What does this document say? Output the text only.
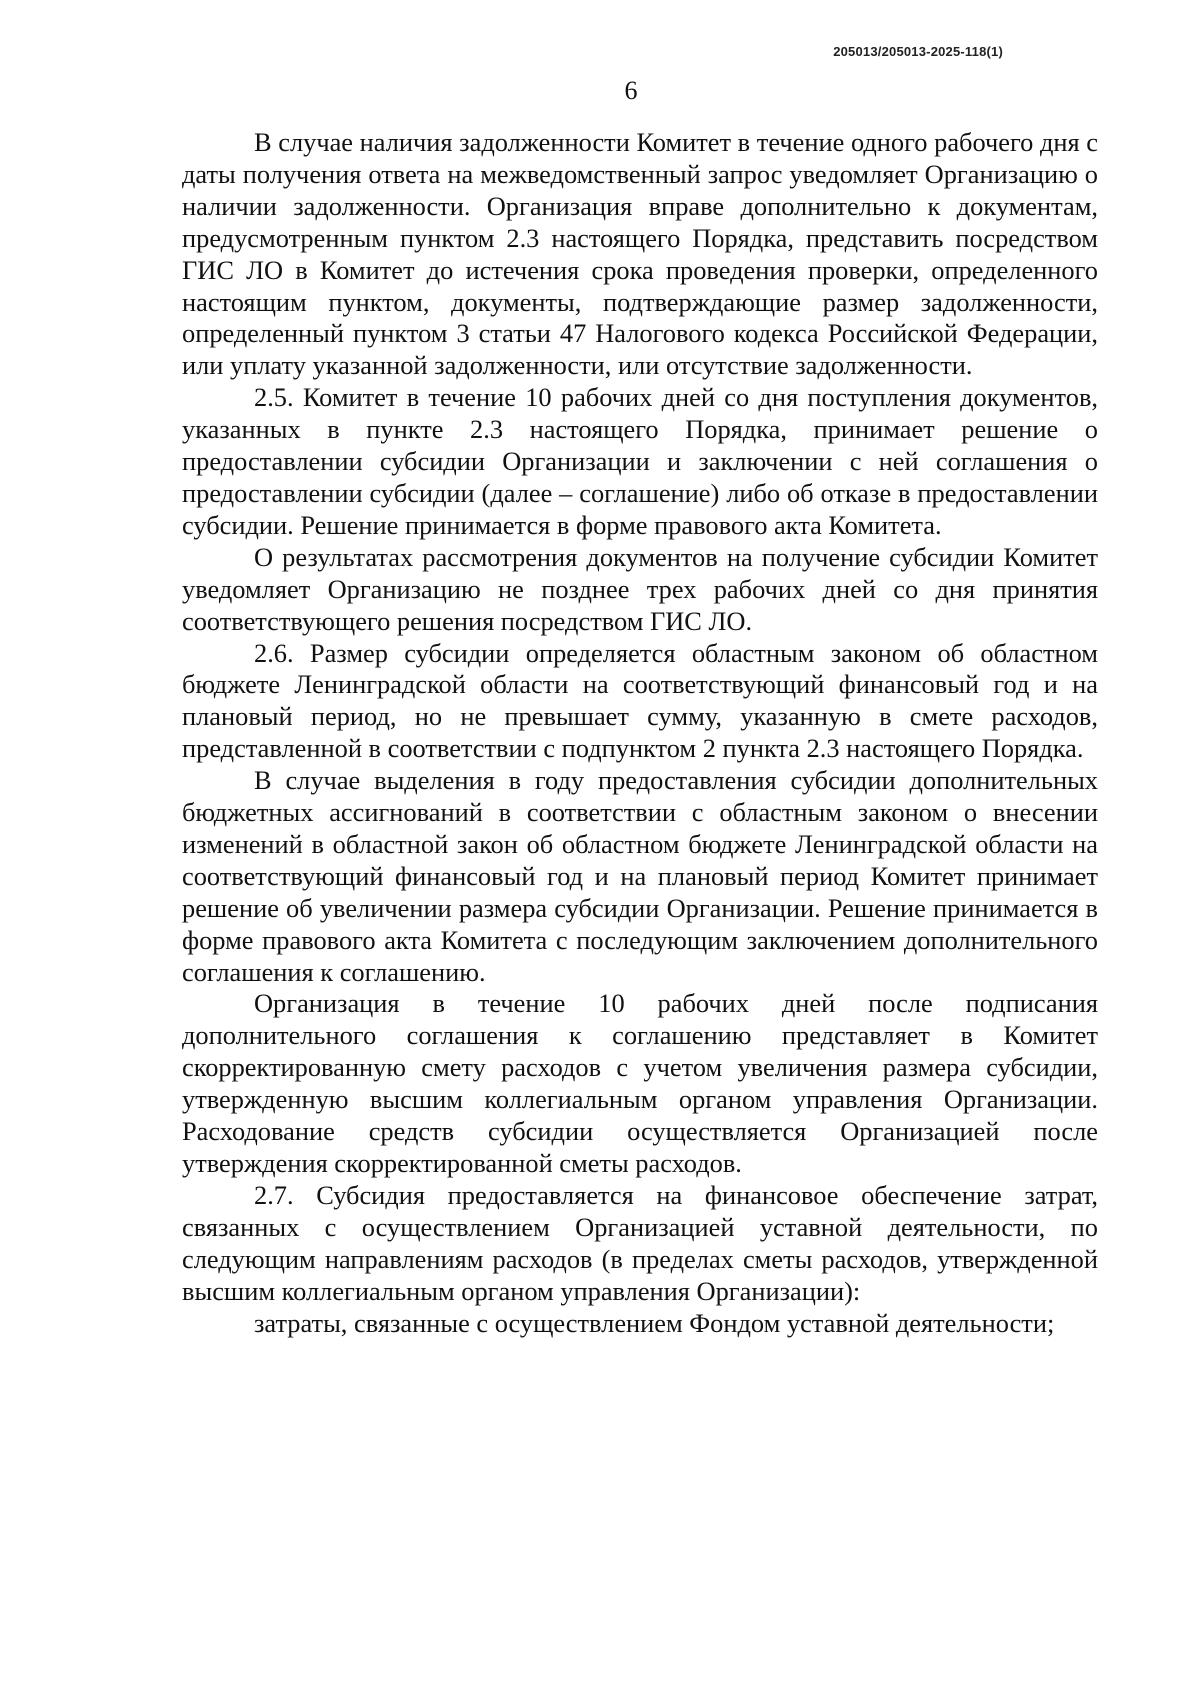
205013/205013-2025-118(1)
6

В случае наличия задолженности Комитет в течение одного рабочего дня с даты получения ответа на межведомственный запрос уведомляет Организацию о наличии задолженности. Организация вправе дополнительно к документам, предусмотренным пунктом 2.3 настоящего Порядка, представить посредством ГИС ЛО в Комитет до истечения срока проведения проверки, определенного настоящим пунктом, документы, подтверждающие размер задолженности, определенный пунктом 3 статьи 47 Налогового кодекса Российской Федерации, или уплату указанной задолженности, или отсутствие задолженности.

2.5. Комитет в течение 10 рабочих дней со дня поступления документов, указанных в пункте 2.3 настоящего Порядка, принимает решение о предоставлении субсидии Организации и заключении с ней соглашения о предоставлении субсидии (далее – соглашение) либо об отказе в предоставлении субсидии. Решение принимается в форме правового акта Комитета.

О результатах рассмотрения документов на получение субсидии Комитет уведомляет Организацию не позднее трех рабочих дней со дня принятия соответствующего решения посредством ГИС ЛО.

2.6. Размер субсидии определяется областным законом об областном бюджете Ленинградской области на соответствующий финансовый год и на плановый период, но не превышает сумму, указанную в смете расходов, представленной в соответствии с подпунктом 2 пункта 2.3 настоящего Порядка.

В случае выделения в году предоставления субсидии дополнительных бюджетных ассигнований в соответствии с областным законом о внесении изменений в областной закон об областном бюджете Ленинградской области на соответствующий финансовый год и на плановый период Комитет принимает решение об увеличении размера субсидии Организации. Решение принимается в форме правового акта Комитета с последующим заключением дополнительного соглашения к соглашению.

Организация в течение 10 рабочих дней после подписания дополнительного соглашения к соглашению представляет в Комитет скорректированную смету расходов с учетом увеличения размера субсидии, утвержденную высшим коллегиальным органом управления Организации. Расходование средств субсидии осуществляется Организацией после утверждения скорректированной сметы расходов.

2.7. Субсидия предоставляется на финансовое обеспечение затрат, связанных с осуществлением Организацией уставной деятельности, по следующим направлениям расходов (в пределах сметы расходов, утвержденной высшим коллегиальным органом управления Организации):

затраты, связанные с осуществлением Фондом уставной деятельности;
